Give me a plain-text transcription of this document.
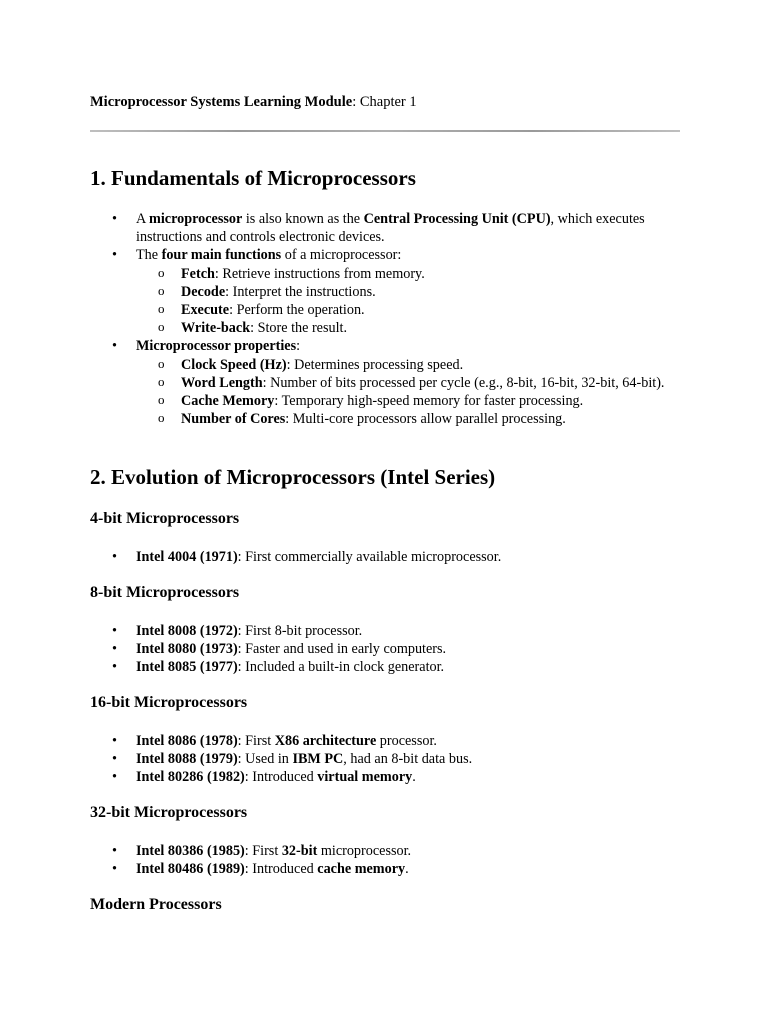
Microprocessor Systems Learning Module: Chapter 1
1. Fundamentals of Microprocessors
• A microprocessor is also known as the Central Processing Unit (CPU), which executes instructions and controls electronic devices.
• The four main functions of a microprocessor:
o Fetch: Retrieve instructions from memory.
o Decode: Interpret the instructions.
o Execute: Perform the operation.
o Write-back: Store the result.
• Microprocessor properties:
o Clock Speed (Hz): Determines processing speed.
o Word Length: Number of bits processed per cycle (e.g., 8-bit, 16-bit, 32-bit, 64-bit).
o Cache Memory: Temporary high-speed memory for faster processing.
o Number of Cores: Multi-core processors allow parallel processing.
2. Evolution of Microprocessors (Intel Series)
4-bit Microprocessors
• Intel 4004 (1971): First commercially available microprocessor.
8-bit Microprocessors
• Intel 8008 (1972): First 8-bit processor.
• Intel 8080 (1973): Faster and used in early computers.
• Intel 8085 (1977): Included a built-in clock generator.
16-bit Microprocessors
• Intel 8086 (1978): First X86 architecture processor.
• Intel 8088 (1979): Used in IBM PC, had an 8-bit data bus.
• Intel 80286 (1982): Introduced virtual memory.
32-bit Microprocessors
• Intel 80386 (1985): First 32-bit microprocessor.
• Intel 80486 (1989): Introduced cache memory.
Modern Processors
